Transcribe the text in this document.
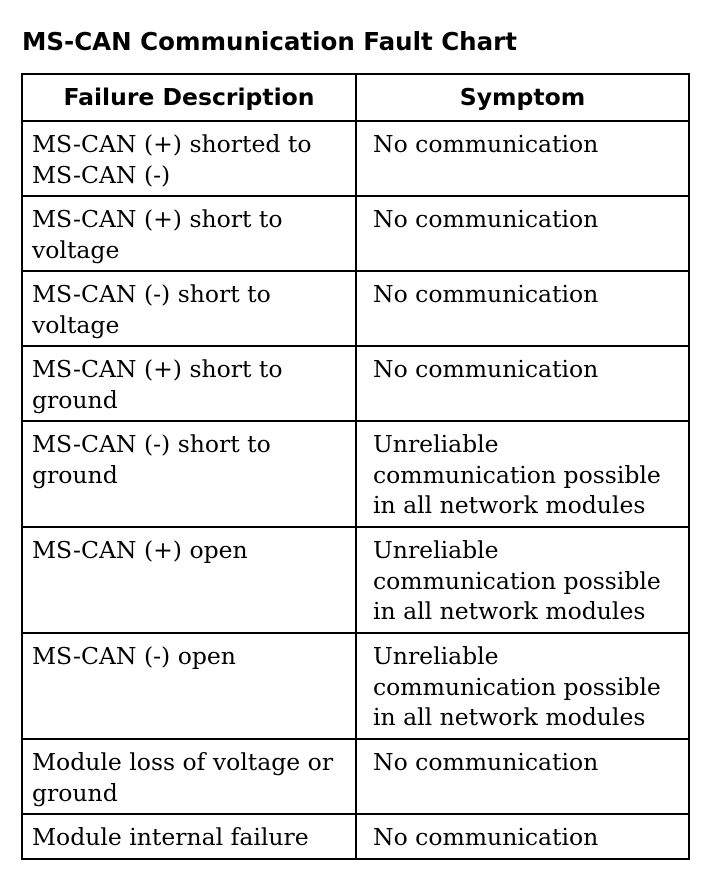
MS-CAN Communication Fault Chart
Failure Description	Symptom
MS-CAN (+) shorted to MS-CAN (-)	No communication
MS-CAN (+) short to voltage	No communication
MS-CAN (-) short to voltage	No communication
MS-CAN (+) short to ground	No communication
MS-CAN (-) short to ground	Unreliable communication possible in all network modules
MS-CAN (+) open	Unreliable communication possible in all network modules
MS-CAN (-) open	Unreliable communication possible in all network modules
Module loss of voltage or ground	No communication
Module internal failure	No communication
